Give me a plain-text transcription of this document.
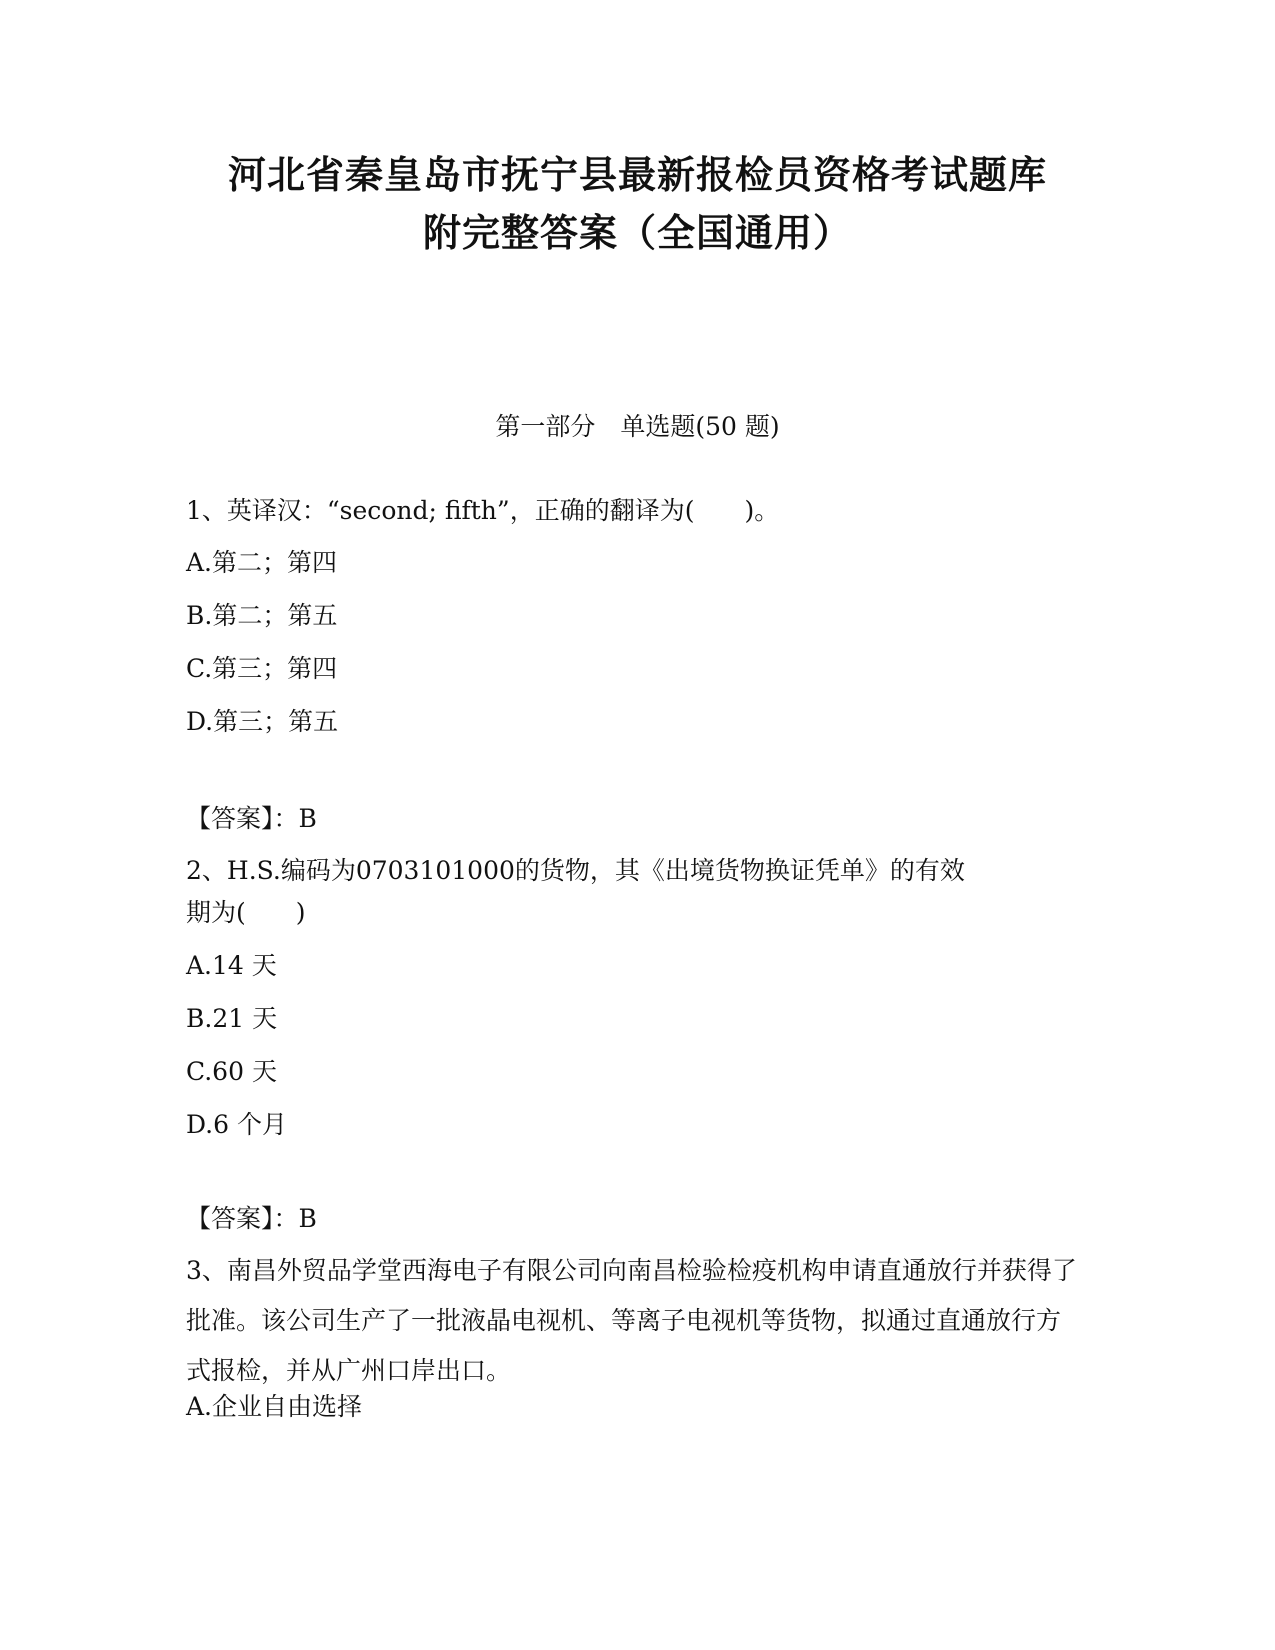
河北省秦皇岛市抚宁县最新报检员资格考试题库
附完整答案（全国通用）
第一部分　单选题(50 题)
1、英译汉：“second; fifth”，正确的翻译为(　　)。
A.第二；第四
B.第二；第五
C.第三；第四
D.第三；第五
【答案】：B
2、H.S.编码为0703101000的货物，其《出境货物换证凭单》的有效
期为(　　)
A.14 天
B.21 天
C.60 天
D.6 个月
【答案】：B
3、南昌外贸品学堂西海电子有限公司向南昌检验检疫机构申请直通放行并获得了批准。该公司生产了一批液晶电视机、等离子电视机等货物，拟通过直通放行方式报检，并从广州口岸出口。
A.企业自由选择
